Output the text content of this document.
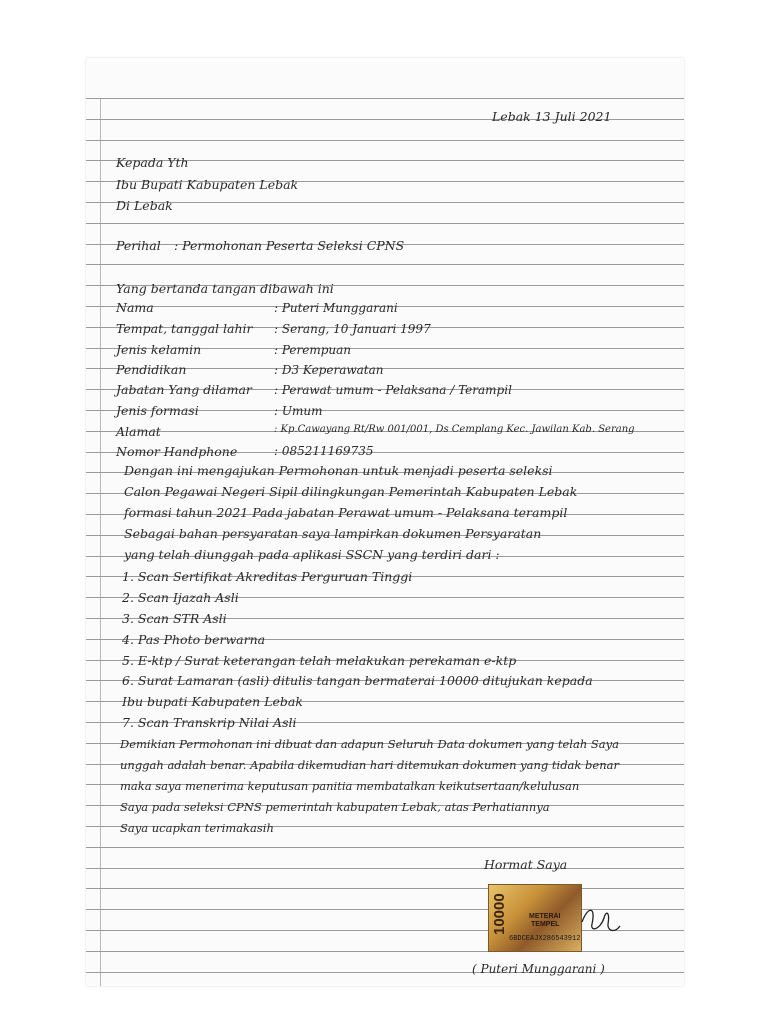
Lebak 13 Juli 2021
Kepada Yth
Ibu Bupati Kabupaten Lebak
Di Lebak
Perihal : Permohonan Peserta Seleksi CPNS
Yang bertanda tangan dibawah ini
Nama	: Puteri Munggarani
Tempat, tanggal lahir : Serang, 10 Januari 1997
Jenis kelamin	: Perempuan
Pendidikan	: D3 Keperawatan
Jabatan Yang dilamar : Perawat umum - Pelaksana / Terampil
Jenis formasi	: Umum
Alamat	: Kp.Cawayang Rt/Rw 001/001, Ds Cemplang Kec. Jawilan Kab. Serang
Nomor Handphone	: 085211169735
Dengan ini mengajukan Permohonan untuk menjadi peserta seleksi
Calon Pegawai Negeri Sipil dilingkungan Pemerintah Kabupaten Lebak
formasi tahun 2021 Pada jabatan Perawat umum - Pelaksana terampil
Sebagai bahan persyaratan saya lampirkan dokumen Persyaratan
yang telah diunggah pada aplikasi SSCN yang terdiri dari :
1. Scan Sertifikat Akreditas Perguruan Tinggi
2. Scan Ijazah Asli
3. Scan STR Asli
4. Pas Photo berwarna
5. E-ktp / Surat keterangan telah melakukan perekaman e-ktp
6. Surat Lamaran (asli) ditulis tangan bermaterai 10000 ditujukan kepada
Ibu bupati Kabupaten Lebak
7. Scan Transkrip Nilai Asli
Demikian Permohonan ini dibuat dan adapun Seluruh Data dokumen yang telah Saya
unggah adalah benar. Apabila dikemudian hari ditemukan dokumen yang tidak benar
maka saya menerima keputusan panitia membatalkan keikutsertaan/kelulusan
Saya pada seleksi CPNS pemerintah kabupaten Lebak, atas Perhatiannya
Saya ucapkan terimakasih
Hormat Saya
10000	METERAI
TEMPEL
6BDCEAJX286543912
( Puteri Munggarani )
